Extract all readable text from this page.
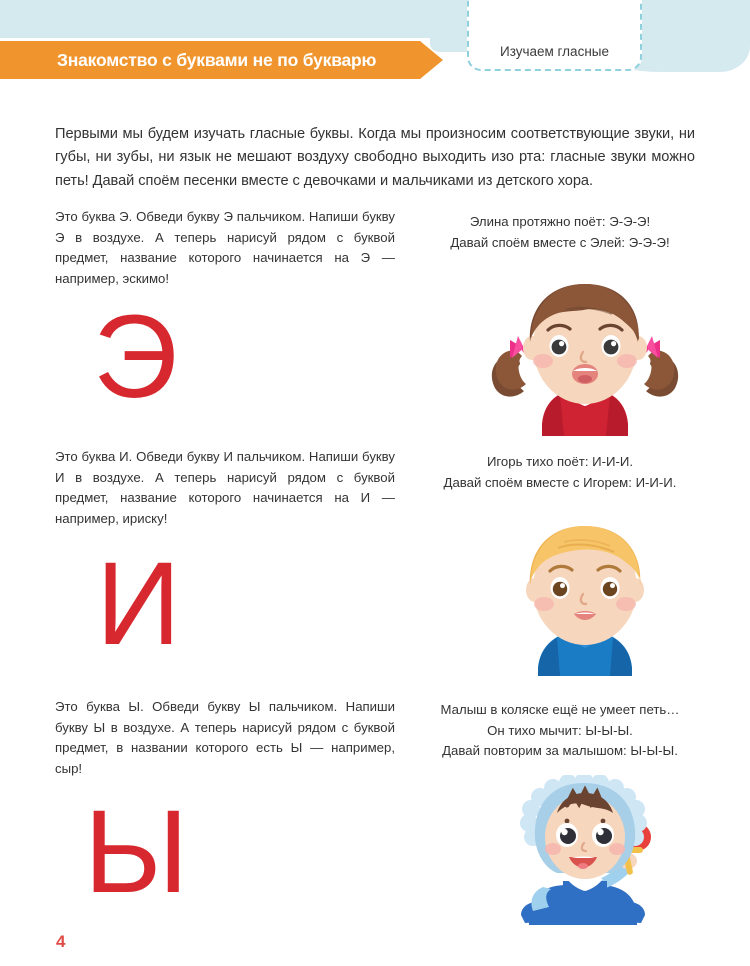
Знакомство с буквами не по букварю	Изучаем гласные

Первыми мы будем изучать гласные буквы. Когда мы произносим соответствующие звуки, ни губы, ни зубы, ни язык не мешают воздуху свободно выходить изо рта: гласные звуки можно петь! Давай споём песенки вместе с девочками и мальчиками из детского хора.

Это буква Э. Обведи букву Э пальчиком. Напиши букву Э в воздухе. А теперь нарисуй рядом с буквой предмет, название которого начинается на Э — например, эскимо!
Элина протяжно поёт: Э-Э-Э!
Давай споём вместе с Элей: Э-Э-Э!
Э
Это буква И. Обведи букву И пальчиком. Напиши букву И в воздухе. А теперь нарисуй рядом с буквой предмет, название которого начинается на И — например, ириску!
Игорь тихо поёт: И-И-И.
Давай споём вместе с Игорем: И-И-И.
И
Это буква Ы. Обведи букву Ы пальчиком. Напиши букву Ы в воздухе. А теперь нарисуй рядом с буквой предмет, в названии которого есть Ы — например, сыр!
Малыш в коляске ещё не умеет петь…
Он тихо мычит: Ы-Ы-Ы.
Давай повторим за малышом: Ы-Ы-Ы.
Ы
4
